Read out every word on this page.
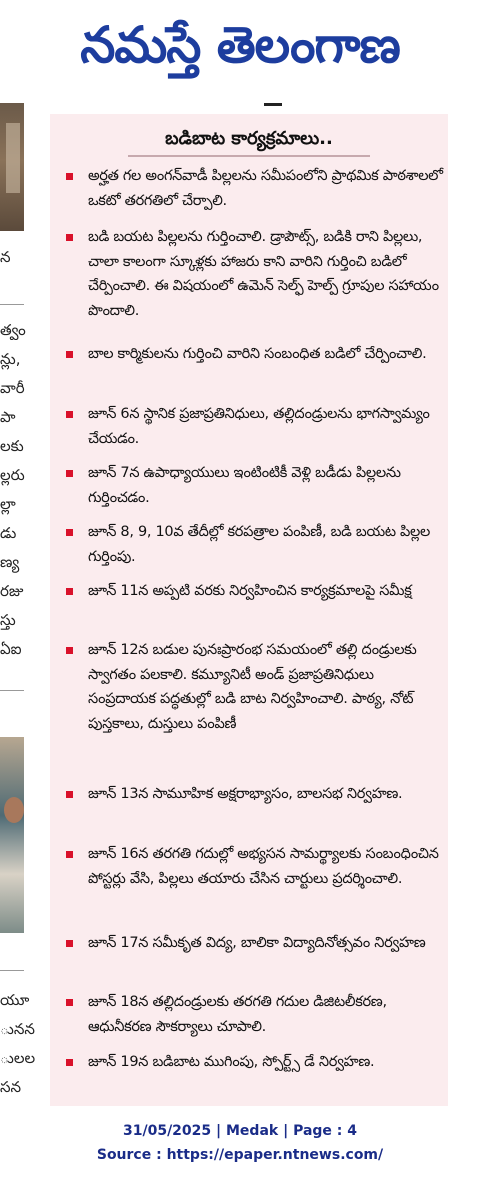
నమస్తే తెలంగాణ
న
త్వం
న్లు,
వారీ
పా
లకు
ల్లరు
ల్లా
డు
ణ్య
రజు
స్తు
ఏఐ
యూ
ునన
ులల
సన
బడిబాట కార్యక్రమాలు..
అర్హత గల అంగన్‌వాడీ పిల్లలను సమీపంలోని ప్రాథమిక పాఠశాలలో ఒకటో తరగతిలో చేర్పాలి.
బడి బయట పిల్లలను గుర్తించాలి. డ్రాపౌట్స్, బడికి రాని పిల్లలు, చాలా కాలంగా స్కూళ్లకు హాజరు కాని వారిని గుర్తించి బడిలో చేర్పించాలి. ఈ విషయంలో ఉమెన్ సెల్ఫ్ హెల్ప్ గ్రూపుల సహాయం పొందాలి.
బాల కార్మికులను గుర్తించి వారిని సంబంధిత బడిలో చేర్పించాలి.
జూన్ 6న స్థానిక ప్రజాప్రతినిధులు, తల్లిదండ్రులను భాగస్వామ్యం చేయడం.
జూన్ 7న ఉపాధ్యాయులు ఇంటింటికీ వెళ్లి బడీడు పిల్లలను గుర్తించడం.
జూన్ 8, 9, 10వ తేదీల్లో కరపత్రాల పంపిణీ, బడి బయట పిల్లల గుర్తింపు.
జూన్ 11న అప్పటి వరకు నిర్వహించిన కార్యక్రమాలపై సమీక్ష
జూన్ 12న బడుల పునఃప్రారంభ సమయంలో తల్లి దండ్రులకు స్వాగతం పలకాలి. కమ్యూనిటీ అండ్ ప్రజాప్రతినిధులు సంప్రదాయక పద్ధతుల్లో బడి బాట నిర్వహించాలి. పాఠ్య, నోట్ పుస్తకాలు, దుస్తులు పంపిణీ
జూన్ 13న సామూహిక అక్షరాభ్యాసం, బాలసభ నిర్వహణ.
జూన్ 16న తరగతి గదుల్లో అభ్యసన సామర్థ్యాలకు సంబంధించిన పోస్టర్లు వేసి, పిల్లలు తయారు చేసిన చార్టులు ప్రదర్శించాలి.
జూన్ 17న సమీకృత విద్య, బాలికా విద్యాదినోత్సవం నిర్వహణ
జూన్ 18న తల్లిదండ్రులకు తరగతి గదుల డిజిటలీకరణ, ఆధునీకరణ సౌకర్యాలు చూపాలి.
జూన్ 19న బడిబాట ముగింపు, స్పోర్ట్స్ డే నిర్వహణ.
31/05/2025 | Medak | Page : 4
Source : https://epaper.ntnews.com/
